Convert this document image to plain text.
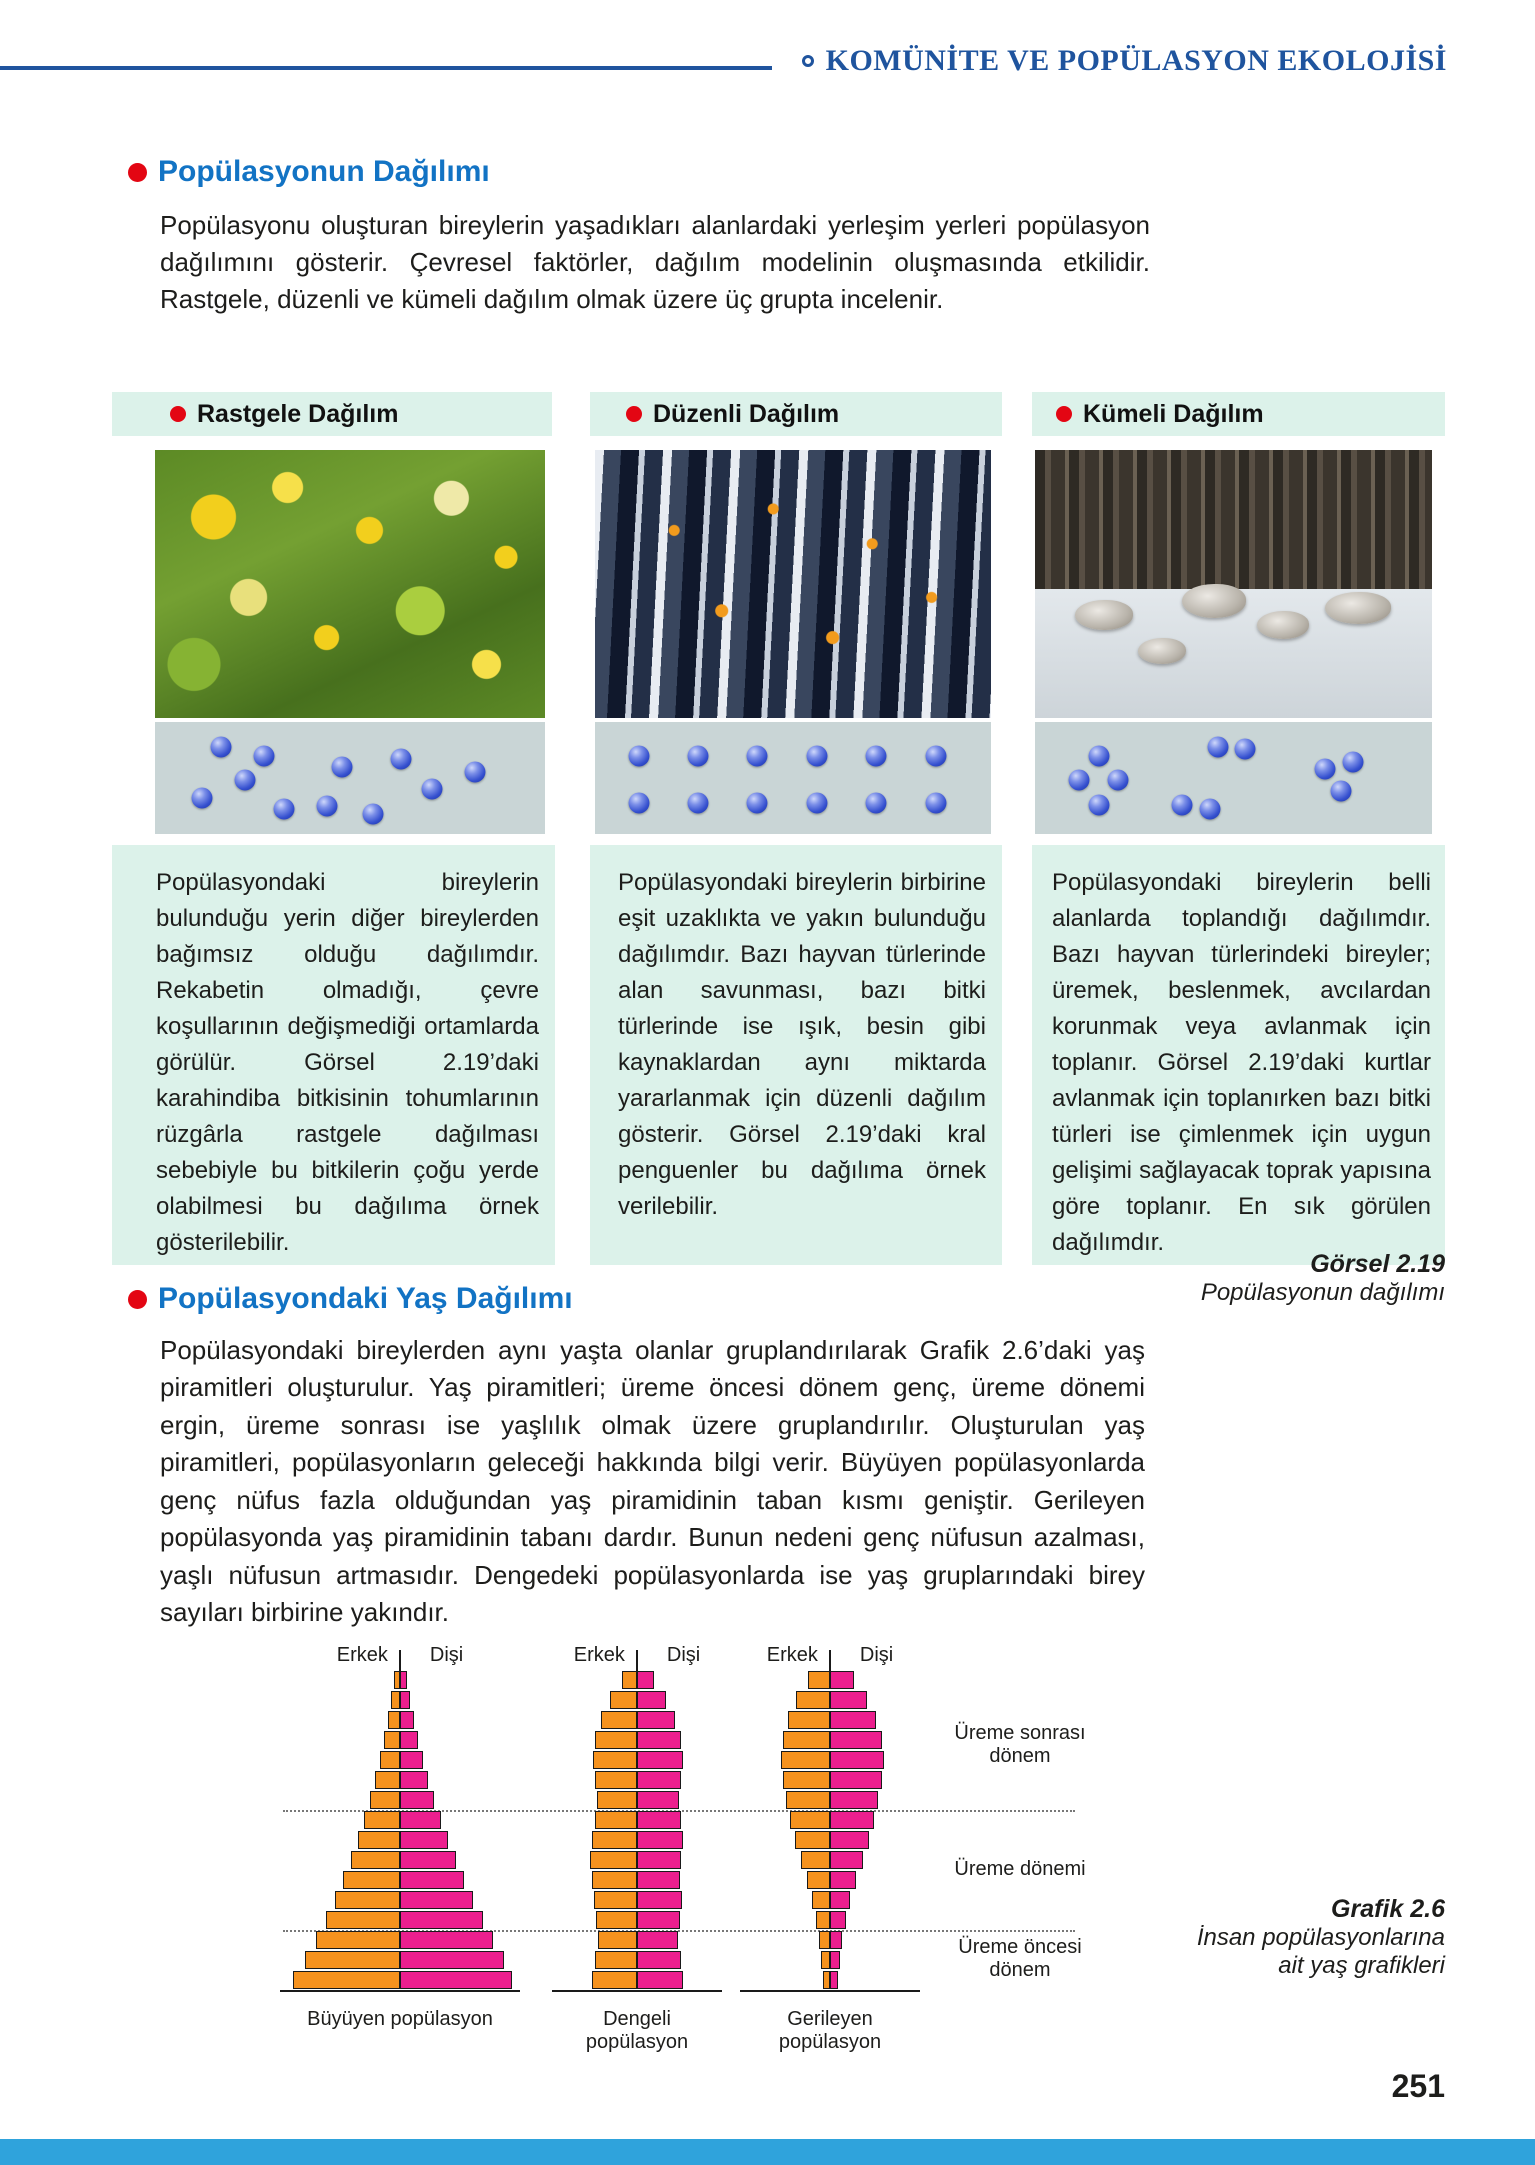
KOMÜNİTE VE POPÜLASYON EKOLOJİSİ
Popülasyonun Dağılımı

Popülasyonu oluşturan bireylerin yaşadıkları alanlardaki yerleşim yerleri popülasyon dağılımını gösterir. Çevresel faktörler, dağılım modelinin oluşmasında etkilidir. Rastgele, düzenli ve kümeli dağılım olmak üzere üç grupta incelenir.

Rastgele Dağılım	Düzenli Dağılım	Kümeli Dağılım
Popülasyondaki bireylerin bulunduğu yerin diğer bireylerden bağımsız olduğu dağılımdır. Rekabetin olmadığı, çevre koşullarının değişmediği ortamlarda görülür. Görsel 2.19’daki karahindiba bitkisinin tohumlarının rüzgârla rastgele dağılması sebebiyle bu bitkilerin çoğu yerde olabilmesi bu dağılıma örnek gösterilebilir.
Popülasyondaki bireylerin birbirine eşit uzaklıkta ve yakın bulunduğu dağılımdır. Bazı hayvan türlerinde alan savunması, bazı bitki türlerinde ise ışık, besin gibi kaynaklardan aynı miktarda yararlanmak için düzenli dağılım gösterir. Görsel 2.19’daki kral penguenler bu dağılıma örnek verilebilir.
Popülasyondaki bireylerin belli alanlarda toplandığı dağılımdır. Bazı hayvan türlerindeki bireyler; üremek, beslenmek, avcılardan korunmak veya avlanmak için toplanır. Görsel 2.19’daki kurtlar avlanmak için toplanırken bazı bitki türleri ise çimlenmek için uygun gelişimi sağlayacak toprak yapısına göre toplanır. En sık görülen dağılımdır.
Görsel 2.19
Popülasyonun dağılımı
Popülasyondaki Yaş Dağılımı

Popülasyondaki bireylerden aynı yaşta olanlar gruplandırılarak Grafik 2.6’daki yaş piramitleri oluşturulur. Yaş piramitleri; üreme öncesi dönem genç, üreme dönemi ergin, üreme sonrası ise yaşlılık olmak üzere gruplandırılır. Oluşturulan yaş piramitleri, popülasyonların geleceği hakkında bilgi verir. Büyüyen popülasyonlarda genç nüfus fazla olduğundan yaş piramidinin taban kısmı geniştir. Gerileyen popülasyonda yaş piramidinin tabanı dardır. Bunun nedeni genç nüfusun azalması, yaşlı nüfusun artmasıdır. Dengedeki popülasyonlarda ise yaş gruplarındaki birey sayıları birbirine yakındır.

Üreme sonrası dönem
Üreme dönemi
Üreme öncesi dönem
Erkek Dişi
Büyüyen popülasyon
Erkek Dişi
Dengeli popülasyon
Erkek Dişi
Gerileyen popülasyon
Grafik 2.6
İnsan popülasyonlarına ait yaş grafikleri
251
